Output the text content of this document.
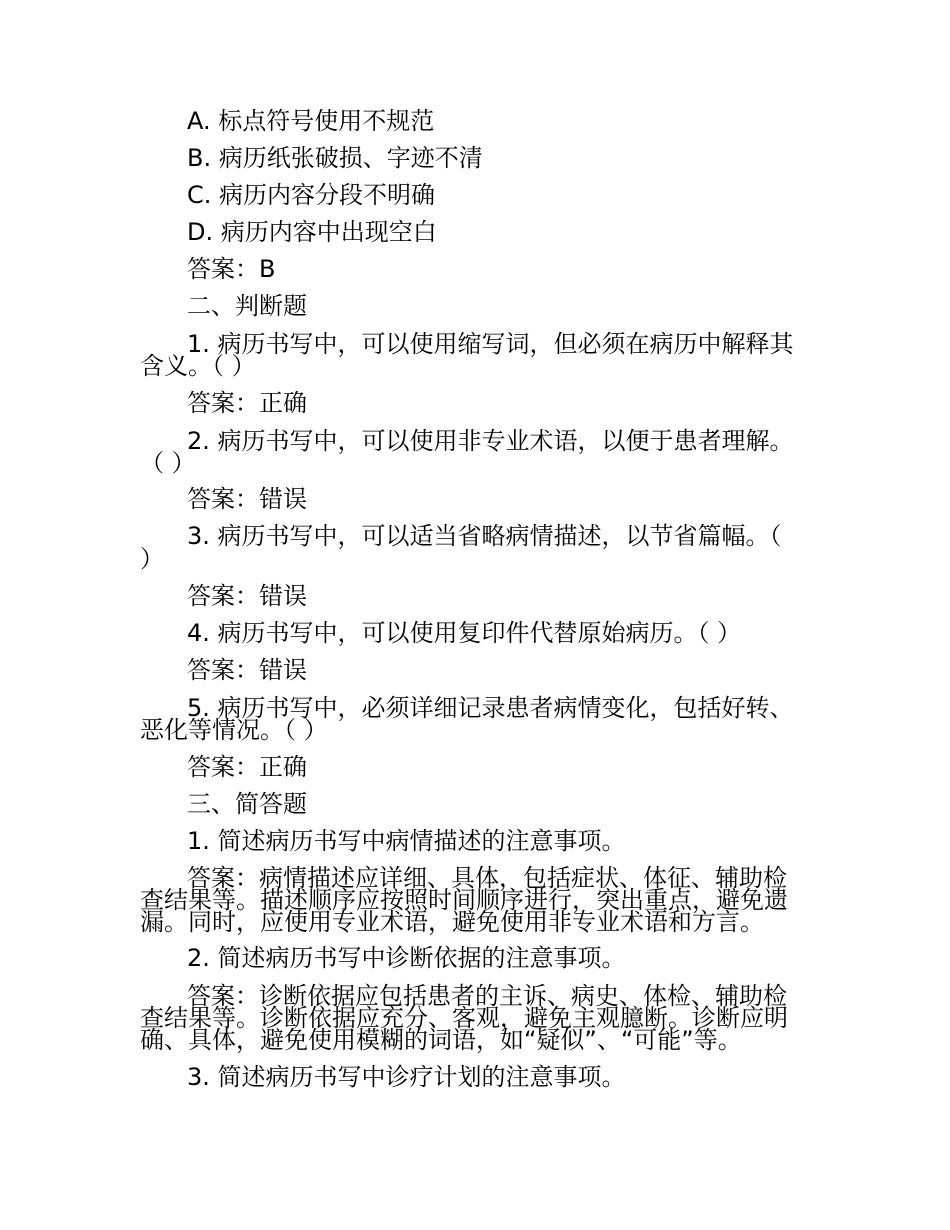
A. 标点符号使用不规范
B. 病历纸张破损、字迹不清
C. 病历内容分段不明确
D. 病历内容中出现空白
答案：B
二、判断题
1. 病历书写中，可以使用缩写词，但必须在病历中解释其
含义。（ ）
答案：正确
2. 病历书写中，可以使用非专业术语，以便于患者理解。
（ ）
答案：错误
3. 病历书写中，可以适当省略病情描述，以节省篇幅。（
）
答案：错误
4. 病历书写中，可以使用复印件代替原始病历。（ ）
答案：错误
5. 病历书写中，必须详细记录患者病情变化，包括好转、
恶化等情况。（ ）
答案：正确
三、简答题
1. 简述病历书写中病情描述的注意事项。
答案：病情描述应详细、具体，包括症状、体征、辅助检
查结果等。描述顺序应按照时间顺序进行，突出重点，避免遗
漏。同时，应使用专业术语，避免使用非专业术语和方言。
2. 简述病历书写中诊断依据的注意事项。
答案：诊断依据应包括患者的主诉、病史、体检、辅助检
查结果等。诊断依据应充分、客观，避免主观臆断。诊断应明
确、具体，避免使用模糊的词语，如“疑似”、“可能”等。
3. 简述病历书写中诊疗计划的注意事项。
